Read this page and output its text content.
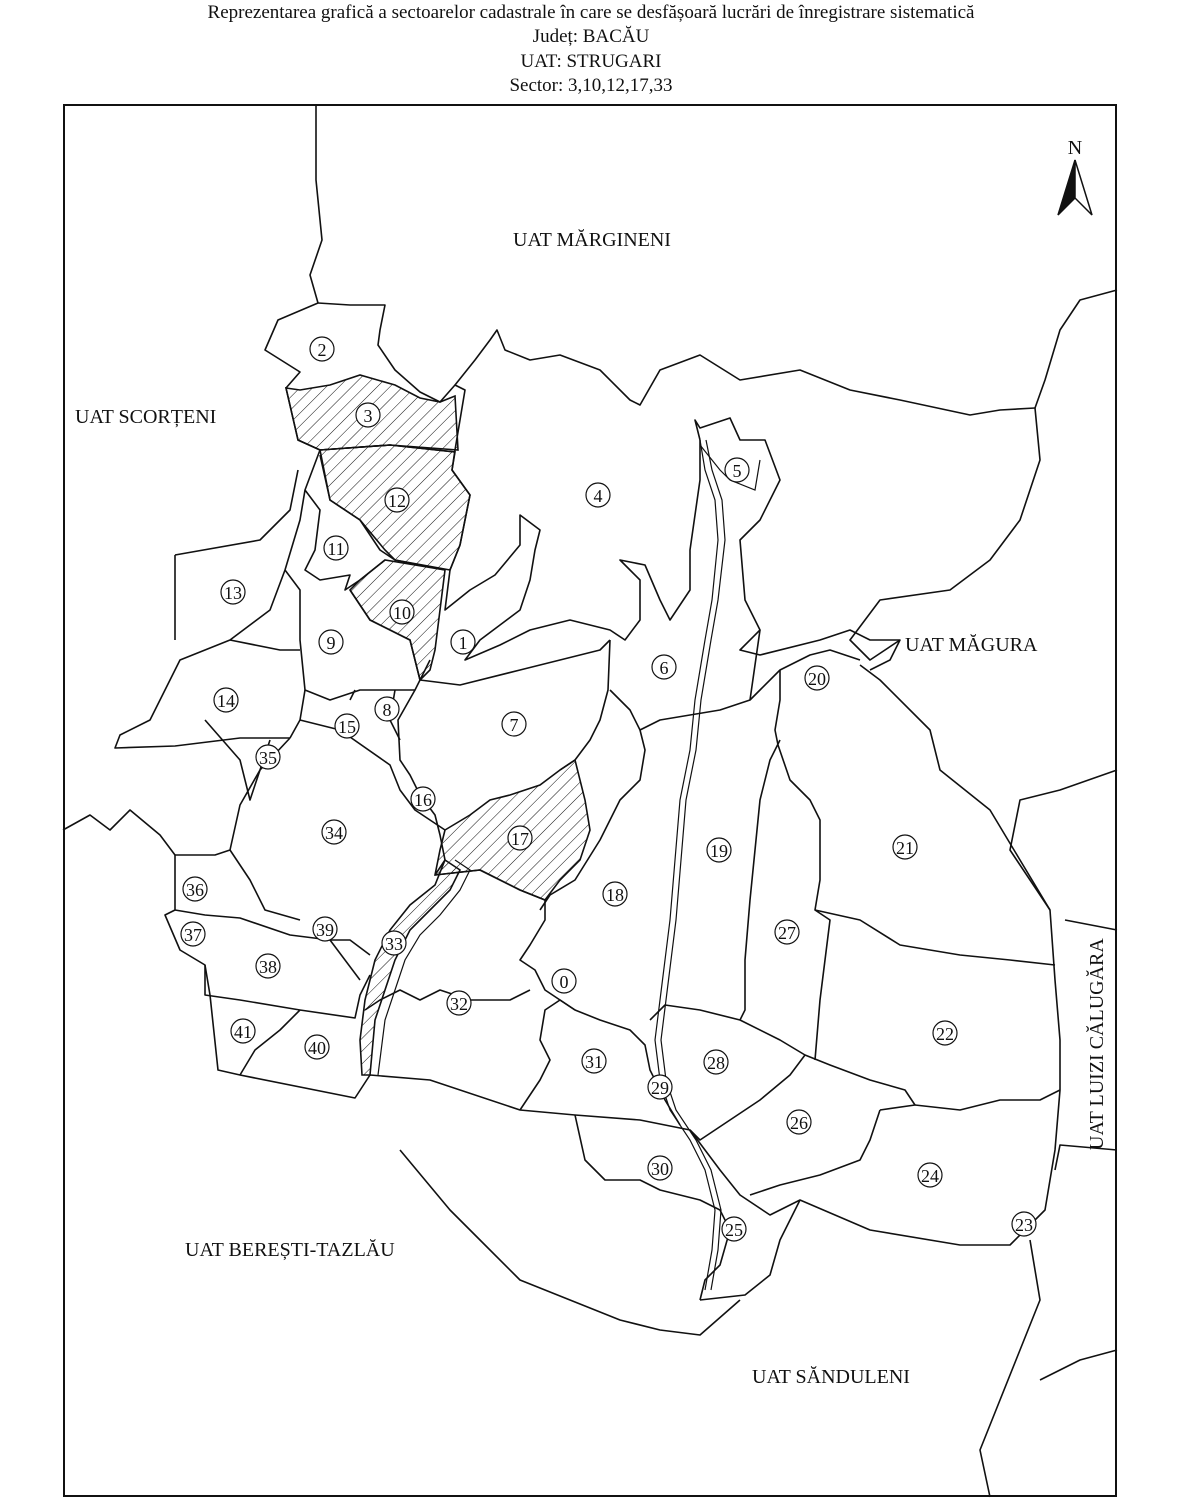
Reprezentarea grafică a sectoarelor cadastrale în care se desfășoară lucrări de înregistrare sistematică
Județ: BACĂU
UAT: STRUGARI
Sector: 3,10,12,17,33
N
UAT MĂRGINENI
UAT SCORȚENI
UAT MĂGURA
UAT BEREȘTI-TAZLĂU
UAT SĂNDULENI
UAT LUIZI CĂLUGĂRA
0
1
2
3
4
5
6
7
8
9
10
11
12
13
14
15
16
17
18
19
20
21
22
23
24
25
26
27
28
29
30
31
32
33
34
35
36
37
38
39
40
41
